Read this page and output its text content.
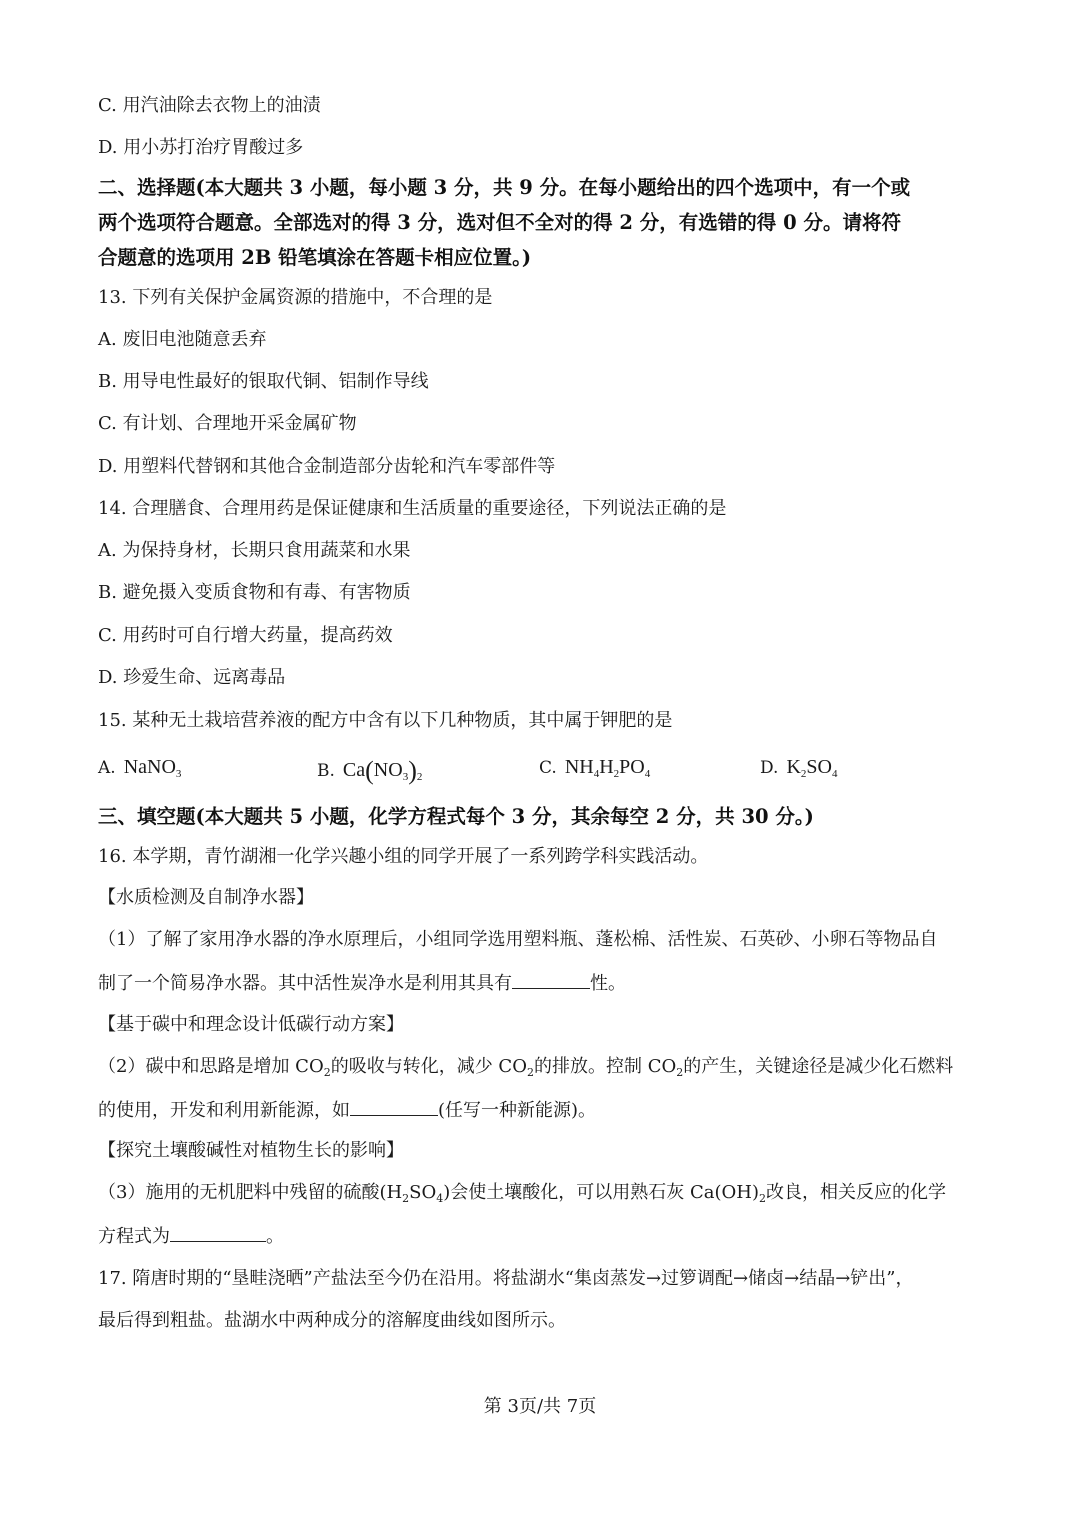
C. 用汽油除去衣物上的油渍
D. 用小苏打治疗胃酸过多
二、选择题(本大题共 3 小题，每小题 3 分，共 9 分。在每小题给出的四个选项中，有一个或
两个选项符合题意。全部选对的得 3 分，选对但不全对的得 2 分，有选错的得 0 分。请将符
合题意的选项用 2B 铅笔填涂在答题卡相应位置。)
13. 下列有关保护金属资源的措施中，不合理的是
A. 废旧电池随意丢弃
B. 用导电性最好的银取代铜、铝制作导线
C. 有计划、合理地开采金属矿物
D. 用塑料代替钢和其他合金制造部分齿轮和汽车零部件等
14. 合理膳食、合理用药是保证健康和生活质量的重要途径，下列说法正确的是
A. 为保持身材，长期只食用蔬菜和水果
B. 避免摄入变质食物和有毒、有害物质
C. 用药时可自行增大药量，提高药效
D. 珍爱生命、远离毒品
15. 某种无土栽培营养液的配方中含有以下几种物质，其中属于钾肥的是
A. NaNO$_3$	B. $Ca(NO_3)_2$	C. $NH_4H_2PO_4$	D. $K_2SO_4$
三、填空题(本大题共 5 小题，化学方程式每个 3 分，其余每空 2 分，共 30 分。)
16. 本学期，青竹湖湘一化学兴趣小组的同学开展了一系列跨学科实践活动。
【水质检测及自制净水器】
（1）了解了家用净水器的净水原理后，小组同学选用塑料瓶、蓬松棉、活性炭、石英砂、小卵石等物品自
制了一个简易净水器。其中活性炭净水是利用其具有	性。
【基于碳中和理念设计低碳行动方案】
（2）碳中和思路是增加 $CO_2$的吸收与转化，减少 $CO_2$的排放。控制 $CO_2$的产生，关键途径是减少化石燃料
的使用，开发和利用新能源，如	(任写一种新能源)。
【探究土壤酸碱性对植物生长的影响】
（3）施用的无机肥料中残留的硫酸$(H_2SO_4)$会使土壤酸化，可以用熟石灰 $Ca(OH)_2$改良，相关反应的化学
方程式为	。
17. 隋唐时期的“垦畦浇晒”产盐法至今仍在沿用。将盐湖水“集卤蒸发→过箩调配→储卤→结晶→铲出”，
最后得到粗盐。盐湖水中两种成分的溶解度曲线如图所示。
第 3页/共 7页
